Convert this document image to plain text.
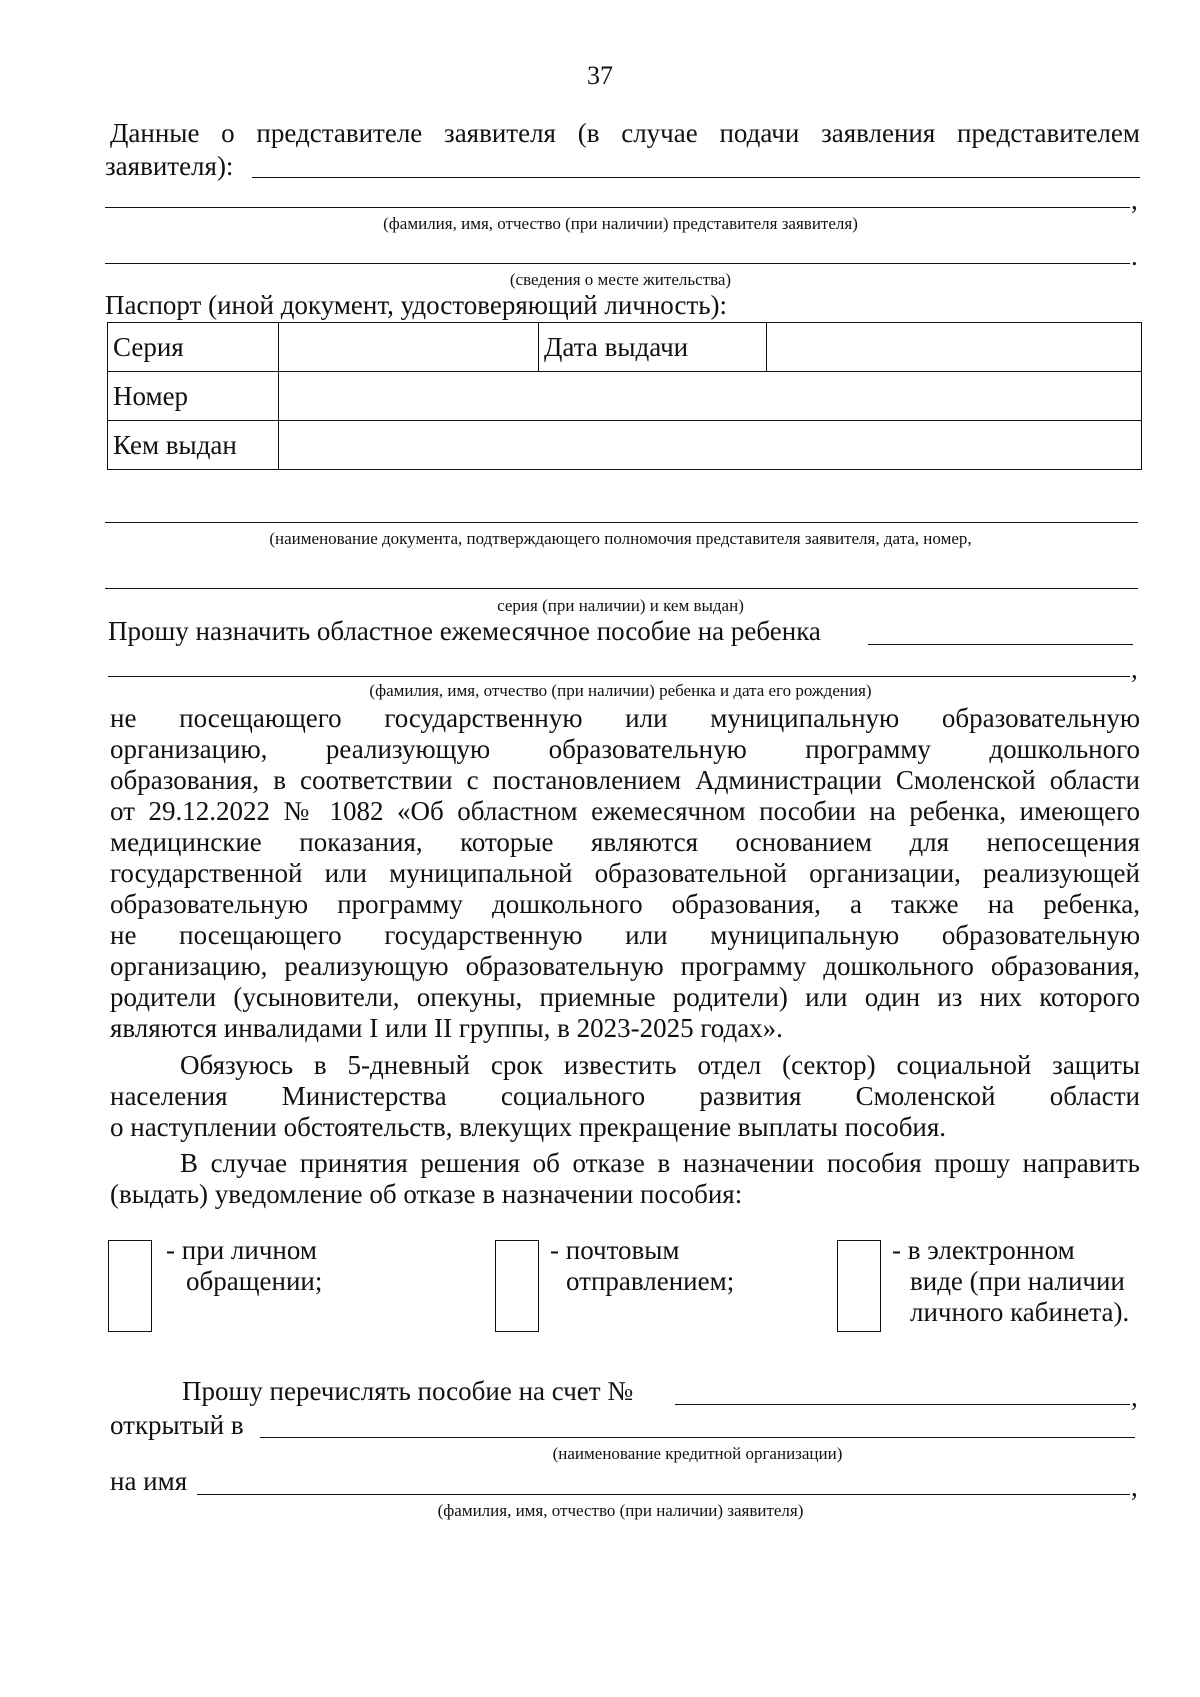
37
Данные о представителе заявителя (в случае подачи заявления представителем
заявителя):
,
(фамилия, имя, отчество (при наличии) представителя заявителя)
.
(сведения о месте жительства)
Паспорт (иной документ, удостоверяющий личность):
Серия		Дата выдачи	
Номер			
Кем выдан			
(наименование документа, подтверждающего полномочия представителя заявителя, дата, номер,
серия (при наличии) и кем выдан)
Прошу назначить областное ежемесячное пособие на ребенка
,
(фамилия, имя, отчество (при наличии) ребенка и дата его рождения)
не посещающего государственную или муниципальную образовательную
организацию, реализующую образовательную программу дошкольного
образования, в соответствии с постановлением Администрации Смоленской области
от 29.12.2022 № 1082 «Об областном ежемесячном пособии на ребенка, имеющего
медицинские показания, которые являются основанием для непосещения
государственной или муниципальной образовательной организации, реализующей
образовательную программу дошкольного образования, а также на ребенка,
не посещающего государственную или муниципальную образовательную
организацию, реализующую образовательную программу дошкольного образования,
родители (усыновители, опекуны, приемные родители) или один из них которого
являются инвалидами I или II группы, в 2023-2025 годах».
Обязуюсь в 5-дневный срок известить отдел (сектор) социальной защиты
населения Министерства социального развития Смоленской области
о наступлении обстоятельств, влекущих прекращение выплаты пособия.
В случае принятия решения об отказе в назначении пособия прошу направить
(выдать) уведомление об отказе в назначении пособия:
- при личном
обращении;
- почтовым
отправлением;
- в электронном
виде (при наличии
личного кабинета).
Прошу перечислять пособие на счет №	,
открытый в
(наименование кредитной организации)
на имя	,
(фамилия, имя, отчество (при наличии) заявителя)
